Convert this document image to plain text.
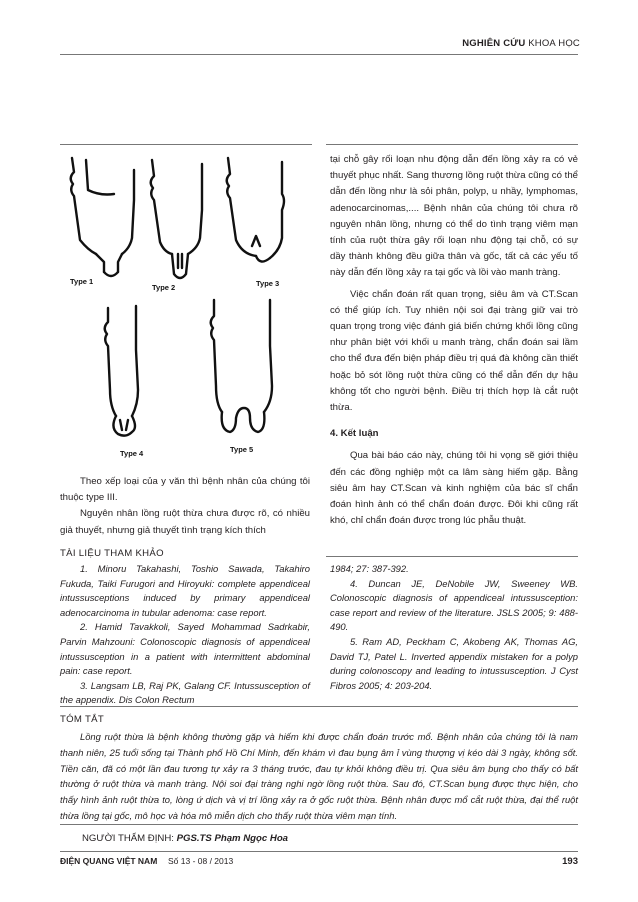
NGHIÊN CỨU KHOA HỌC
Type 1
Type 2	Type 3
Type 4	Type 5

Theo xếp loại của y văn thì bệnh nhân của chúng tôi thuộc type III.

Nguyên nhân lồng ruột thừa chưa được rõ, có nhiều giả thuyết, nhưng giả thuyết tình trạng kích thích

tại chỗ gây rối loạn nhu động dẫn đến lồng xảy ra có vẻ thuyết phục nhất. Sang thương lồng ruột thừa cũng có thể dẫn đến lồng như là sỏi phân, polyp, u nhầy, lymphomas, adenocarcinomas,.... Bệnh nhân của chúng tôi chưa rõ nguyên nhân lồng, nhưng có thể do tình trạng viêm mạn tính của ruột thừa gây rối loạn nhu động tại chỗ, có sự dầy thành không đều giữa thân và gốc, tất cả các yếu tố này dẫn đến lồng xảy ra tại gốc và lồi vào manh tràng.

Việc chẩn đoán rất quan trọng, siêu âm và CT.Scan có thể giúp ích. Tuy nhiên nội soi đại tràng giữ vai trò quan trọng trong việc đánh giá biến chứng khối lồng cũng như phân biệt với khối u manh tràng, chẩn đoán sai lầm cho thể đưa đến biện pháp điều trị quá đà không cần thiết hoặc bỏ sót lồng ruột thừa cũng có thể dẫn đến dự hậu không tốt cho người bệnh. Điều trị thích hợp là cắt ruột thừa.

4. Kết luận

Qua bài báo cáo này, chúng tôi hi vọng sẽ giới thiệu đến các đồng nghiệp một ca lâm sàng hiếm gặp. Bằng siêu âm hay CT.Scan và kinh nghiệm của bác sĩ chẩn đoán hình ảnh có thể chẩn đoán được. Đôi khi cũng rất khó, chỉ chẩn đoán được trong lúc phẫu thuật.

TÀI LIỆU THAM KHẢO

1. Minoru Takahashi, Toshio Sawada, Takahiro Fukuda, Taiki Furugori and Hiroyuki: complete appendiceal intussusceptions induced by primary appendiceal adenocarcinoma in tubular adenoma: case report.

2. Hamid Tavakkoli, Sayed Mohammad Sadrkabir, Parvin Mahzouni: Colonoscopic diagnosis of appendiceal intussusception in a patient with intermittent abdominal pain: case report.

3. Langsam LB, Raj PK, Galang CF. Intussusception of the appendix. Dis Colon Rectum

1984; 27: 387-392.

4. Duncan JE, DeNobile JW, Sweeney WB. Colonoscopic diagnosis of appendiceal intussusception: case report and review of the literature. JSLS 2005; 9: 488-490.

5. Ram AD, Peckham C, Akobeng AK, Thomas AG, David TJ, Patel L. Inverted appendix mistaken for a polyp during colonoscopy and leading to intussusception. J Cyst Fibros 2005; 4: 203-204.

TÓM TẮT

Lồng ruột thừa là bệnh không thường gặp và hiếm khi được chẩn đoán trước mổ. Bệnh nhân của chúng tôi là nam thanh niên, 25 tuổi sống tại Thành phố Hồ Chí Minh, đến khám vì đau bụng âm ỉ vùng thượng vị kéo dài 3 ngày, không sốt. Tiền căn, đã có một lần đau tương tự xảy ra 3 tháng trước, đau tự khỏi không điều trị. Qua siêu âm bụng cho thấy có bất thường ở ruột thừa và manh tràng. Nội soi đại tràng nghi ngờ lồng ruột thừa. Sau đó, CT.Scan bụng được thực hiện, cho thấy hình ảnh ruột thừa to, lòng ứ dịch và vị trí lồng xảy ra ở gốc ruột thừa. Bệnh nhân được mổ cắt ruột thừa, đại thể ruột thừa lồng tại gốc, mô học và hóa mô miễn dịch cho thấy ruột thừa viêm mạn tính.

NGƯỜI THẨM ĐỊNH: PGS.TS Phạm Ngọc Hoa
ĐIỆN QUANG VIỆT NAM Số 13 - 08 / 2013	193
